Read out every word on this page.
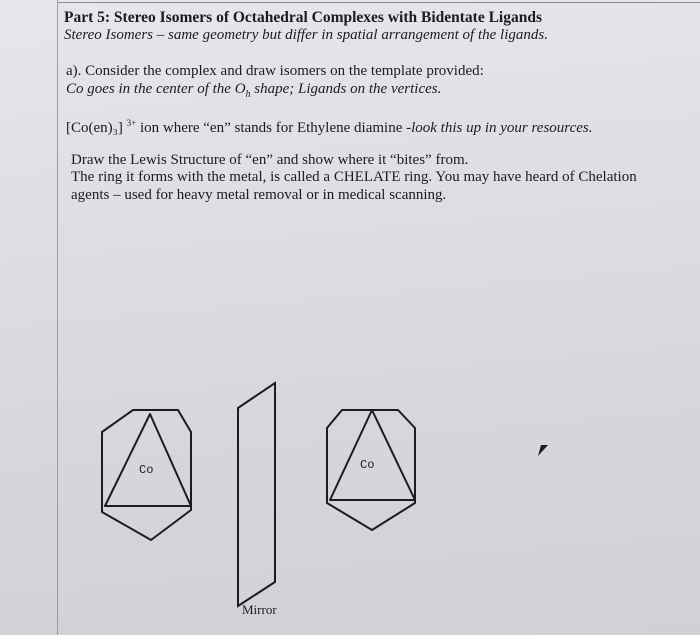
Part 5: Stereo Isomers of Octahedral Complexes with Bidentate Ligands
Stereo Isomers – same geometry but differ in spatial arrangement of the ligands.
a). Consider the complex and draw isomers on the template provided:
Co goes in the center of the $O_h$ shape; Ligands on the vertices.
[Co(en)₃] $^{3+}$ ion where “en” stands for Ethylene diamine -look this up in your resources.
Draw the Lewis Structure of “en” and show where it “bites” from.
The ring it forms with the metal, is called a CHELATE ring. You may have heard of Chelation
agents – used for heavy metal removal or in medical scanning.
Co	Co
Mirror
